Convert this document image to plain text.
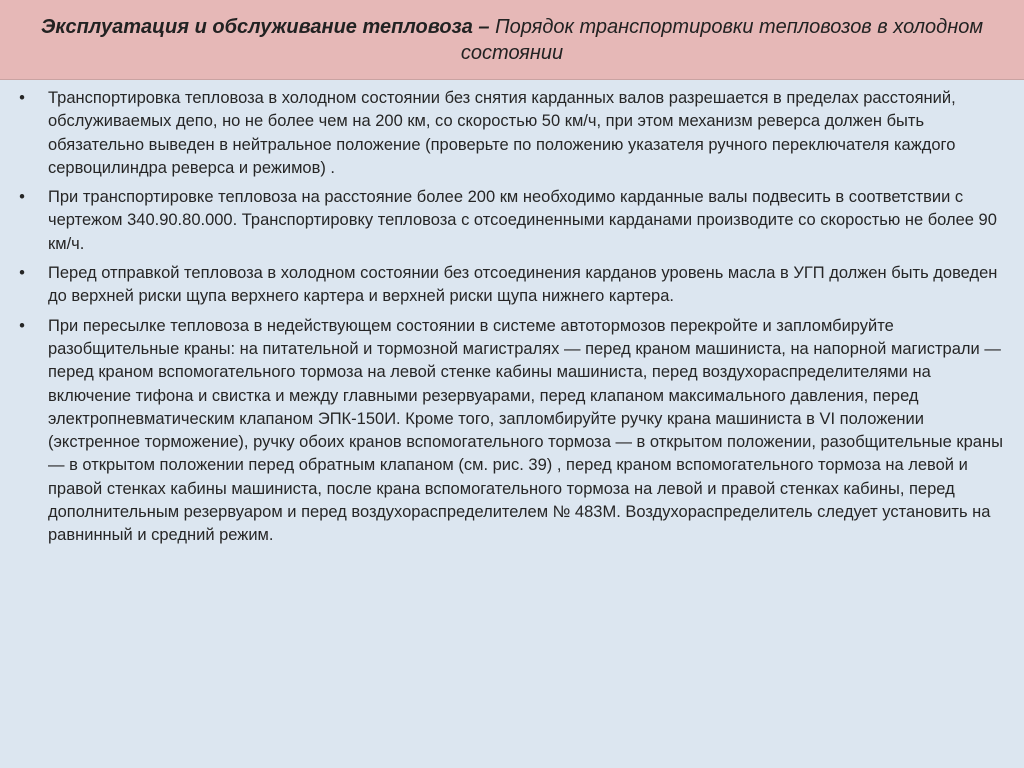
Эксплуатация и обслуживание тепловоза – Порядок транспортировки тепловозов в холодном состоянии
• Транспортировка тепловоза в холодном состоянии без снятия карданных валов разрешается в пределах расстояний, обслуживаемых депо, но не более чем на 200 км, со скоростью 50 км/ч, при этом механизм реверса должен быть обязательно выведен в нейтральное положение (проверьте по положению указателя ручного переключателя каждого сервоцилиндра реверса и режимов) .
• При транспортировке тепловоза на расстояние более 200 км необходимо карданные валы подвесить в соответствии с чертежом 340.90.80.000. Транспортировку тепловоза с отсоединенными карданами производите со скоростью не более 90 км/ч.
• Перед отправкой тепловоза в холодном состоянии без отсоединения карданов уровень масла в УГП должен быть доведен до верхней риски щупа верхнего картера и верхней риски щупа нижнего картера.
• При пересылке тепловоза в недействующем состоянии в системе автотормозов перекройте и запломбируйте разобщительные краны: на питательной и тормозной магистралях — перед краном машиниста, на напорной магистрали — перед краном вспомогательного тормоза на левой стенке кабины машиниста, перед воздухораспределителями на включение тифона и свистка и между главными резервуарами, перед клапаном максимального давления, перед электропневматическим клапаном ЭПК-150И. Кроме того, запломбируйте ручку крана машиниста в VI положении (экстренное торможение), ручку обоих кранов вспомогательного тормоза — в открытом положении, разобщительные краны — в открытом положении перед обратным клапаном (см. рис. 39) , перед краном вспомогательного тормоза на левой и правой стенках кабины машиниста, после крана вспомогательного тормоза на левой и правой стенках кабины, перед дополнительным резервуаром и перед воздухораспределителем № 483М. Воздухораспределитель следует установить на равнинный и средний режим.
